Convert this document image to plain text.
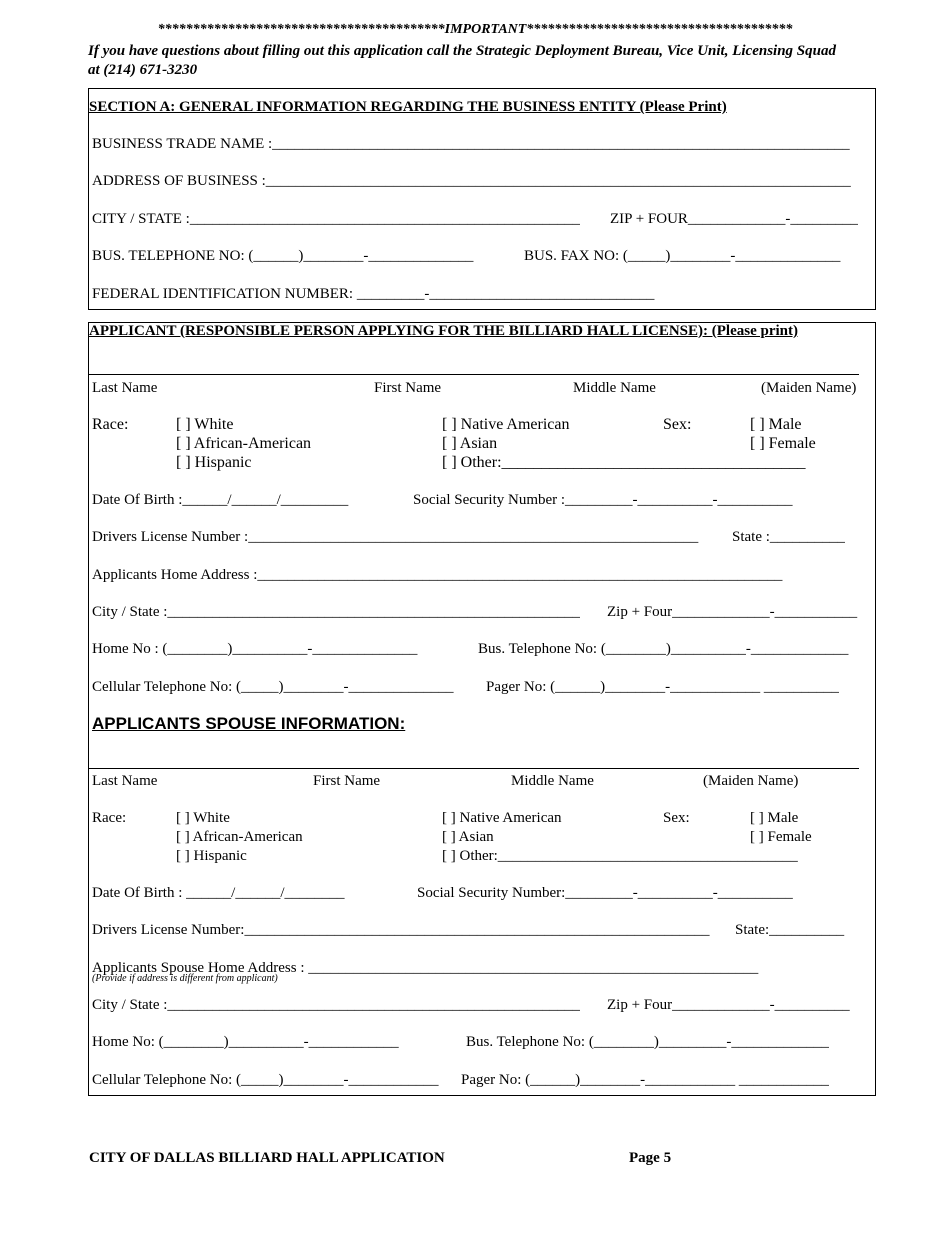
*****************************************IMPORTANT**************************************
If you have questions about filling out this application call the Strategic Deployment Bureau, Vice Unit, Licensing Squad
at (214) 671-3230
SECTION A: GENERAL INFORMATION REGARDING THE BUSINESS ENTITY (Please Print)
BUSINESS TRADE NAME :_____________________________________________________________________________
ADDRESS OF BUSINESS :______________________________________________________________________________
CITY / STATE :____________________________________________________ ZIP + FOUR_____________-_________
BUS. TELEPHONE NO: (______)________-______________	BUS. FAX NO: (_____)________-______________
FEDERAL IDENTIFICATION NUMBER: _________-______________________________
APPLICANT (RESPONSIBLE PERSON APPLYING FOR THE BILLIARD HALL LICENSE): (Please print)
Last Name	First Name	Middle Name	(Maiden Name)
Race:	[ ] White
[ ] African-American
[ ] Hispanic
[ ] Native American
[ ] Asian
[ ] Other:______________________________________
Sex:	[ ] Male
[ ] Female
Date Of Birth :______/______/_________	Social Security Number :_________-__________-__________
Drivers License Number :____________________________________________________________ State :__________
Applicants Home Address :______________________________________________________________________
City / State :_______________________________________________________ Zip + Four_____________-___________
Home No : (________)__________-______________	Bus. Telephone No: (________)__________-_____________
Cellular Telephone No: (_____)________-______________ Pager No: (______)________-____________ __________
APPLICANTS SPOUSE INFORMATION:
Last Name	First Name	Middle Name	(Maiden Name)
Race:	[ ] White
[ ] African-American
[ ] Hispanic
[ ] Native American
[ ] Asian
[ ] Other:________________________________________
Sex:	[ ] Male
[ ] Female
Date Of Birth : ______/______/________	Social Security Number:_________-__________-__________
Drivers License Number:______________________________________________________________ State:__________
Applicants Spouse Home Address : ____________________________________________________________
(Provide if address is different from applicant)
City / State :_______________________________________________________ Zip + Four_____________-__________
Home No: (________)__________-____________	Bus. Telephone No: (________)_________-_____________
Cellular Telephone No: (_____)________-____________ Pager No: (______)________-____________ ____________
CITY OF DALLAS BILLIARD HALL APPLICATION	Page 5
